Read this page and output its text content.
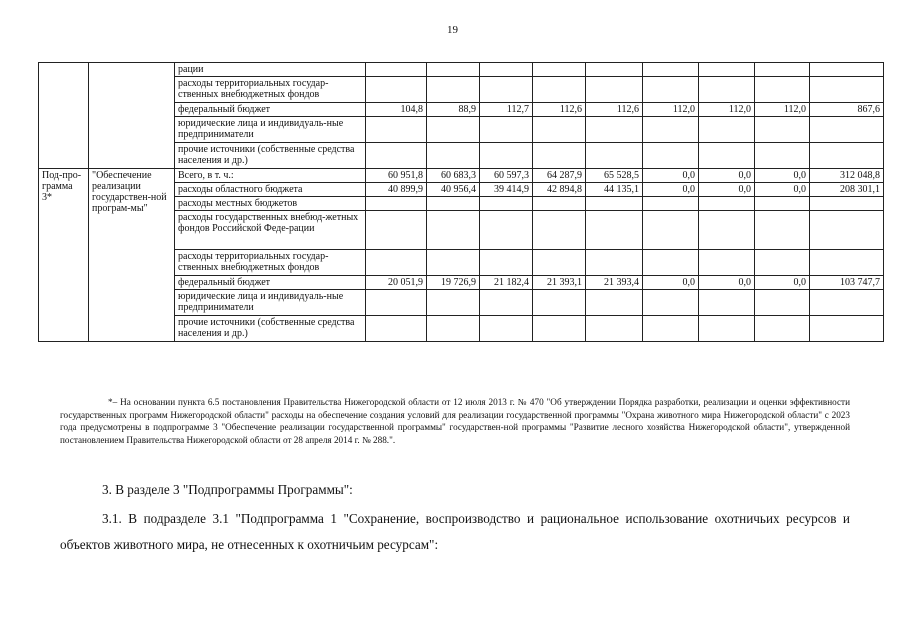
19
		рации									
		расходы территориальных государ-ственных внебюджетных фондов									
		федеральный бюджет	104,8	88,9	112,7	112,6	112,6	112,0	112,0	112,0	867,6
		юридические лица и индивидуаль-ные предприниматели									
		прочие источники (собственные средства населения и др.)									
Под-про-грамма 3*	"Обеспечение реализации государствен-ной програм-мы"	Всего, в т. ч.:	60 951,8	60 683,3	60 597,3	64 287,9	65 528,5	0,0	0,0	0,0	312 048,8
		расходы областного бюджета	40 899,9	40 956,4	39 414,9	42 894,8	44 135,1	0,0	0,0	0,0	208 301,1
		расходы местных бюджетов									
		расходы государственных внебюд-жетных фондов Российской Феде-рации									
		расходы территориальных государ-ственных внебюджетных фондов									
		федеральный бюджет	20 051,9	19 726,9	21 182,4	21 393,1	21 393,4	0,0	0,0	0,0	103 747,7
		юридические лица и индивидуаль-ные предприниматели									
		прочие источники (собственные средства населения и др.)									
*– На основании пункта 6.5 постановления Правительства Нижегородской области от 12 июля 2013 г. № 470 "Об утверждении Порядка разработки, реализации и оценки эффективности государственных программ Нижегородской области" расходы на обеспечение создания условий для реализации государственной программы "Охрана животного мира Нижегородской области" с 2023 года предусмотрены в подпрограмме 3 "Обеспечение реализации государственной программы" государствен-ной программы "Развитие лесного хозяйства Нижегородской области", утвержденной постановлением Правительства Нижегородской области от 28 апреля 2014 г. № 288.".
3. В разделе 3 "Подпрограммы Программы":
3.1. В подразделе 3.1 "Подпрограмма 1 "Сохранение, воспроизводство и рациональное использование охотничьих ресурсов и объектов животного мира, не отнесенных к охотничьим ресурсам":
